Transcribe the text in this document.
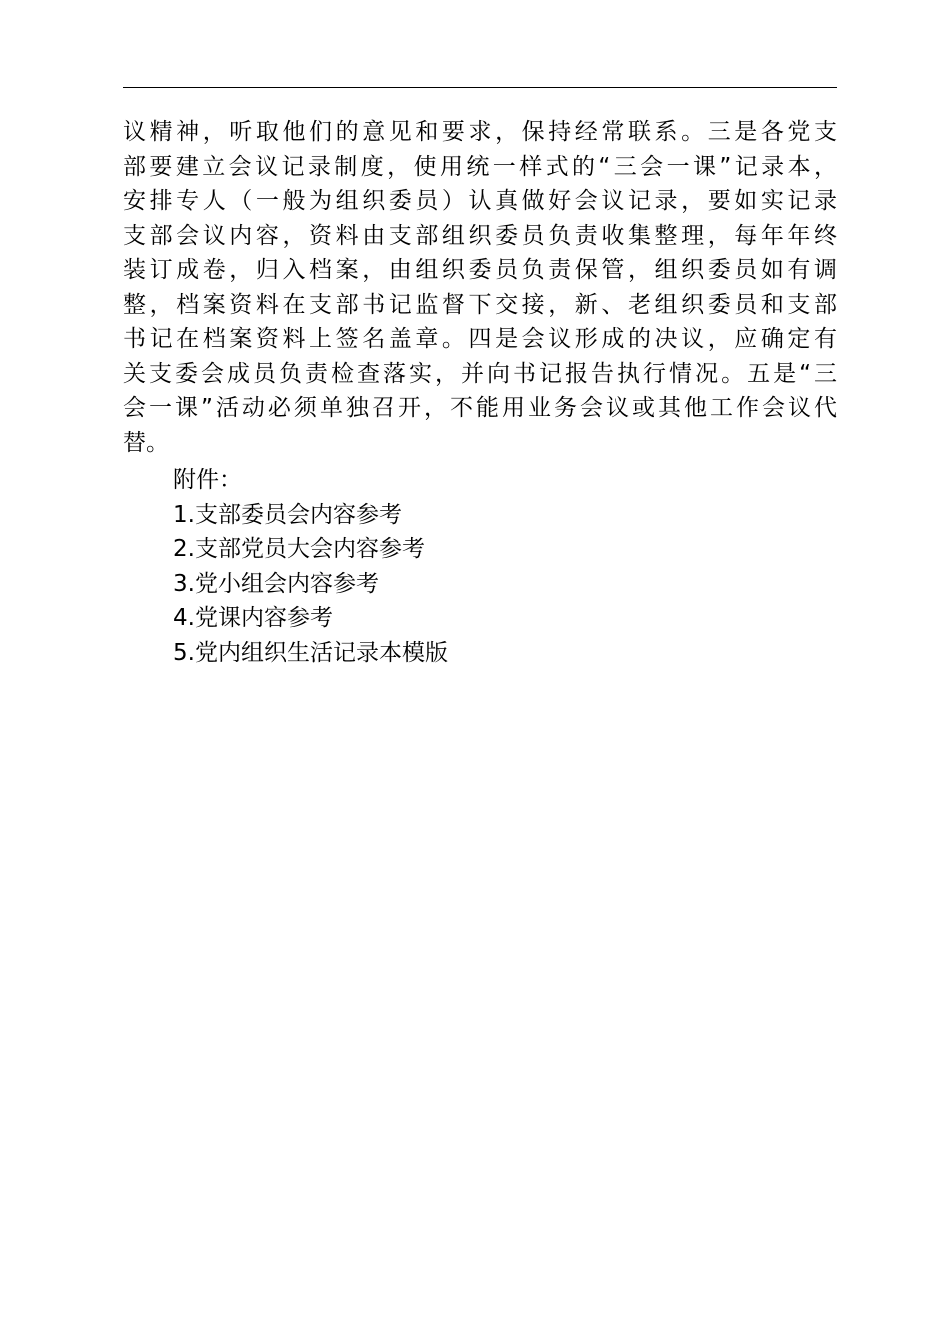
议精神，听取他们的意见和要求，保持经常联系。三是各党支
部要建立会议记录制度，使用统一样式的“三会一课”记录本，
安排专人（一般为组织委员）认真做好会议记录，要如实记录
支部会议内容，资料由支部组织委员负责收集整理，每年年终
装订成卷，归入档案，由组织委员负责保管，组织委员如有调
整，档案资料在支部书记监督下交接，新、老组织委员和支部
书记在档案资料上签名盖章。四是会议形成的决议，应确定有
关支委会成员负责检查落实，并向书记报告执行情况。五是“三
会一课”活动必须单独召开，不能用业务会议或其他工作会议代
替。
附件：
1.支部委员会内容参考
2.支部党员大会内容参考
3.党小组会内容参考
4.党课内容参考
5.党内组织生活记录本模版
